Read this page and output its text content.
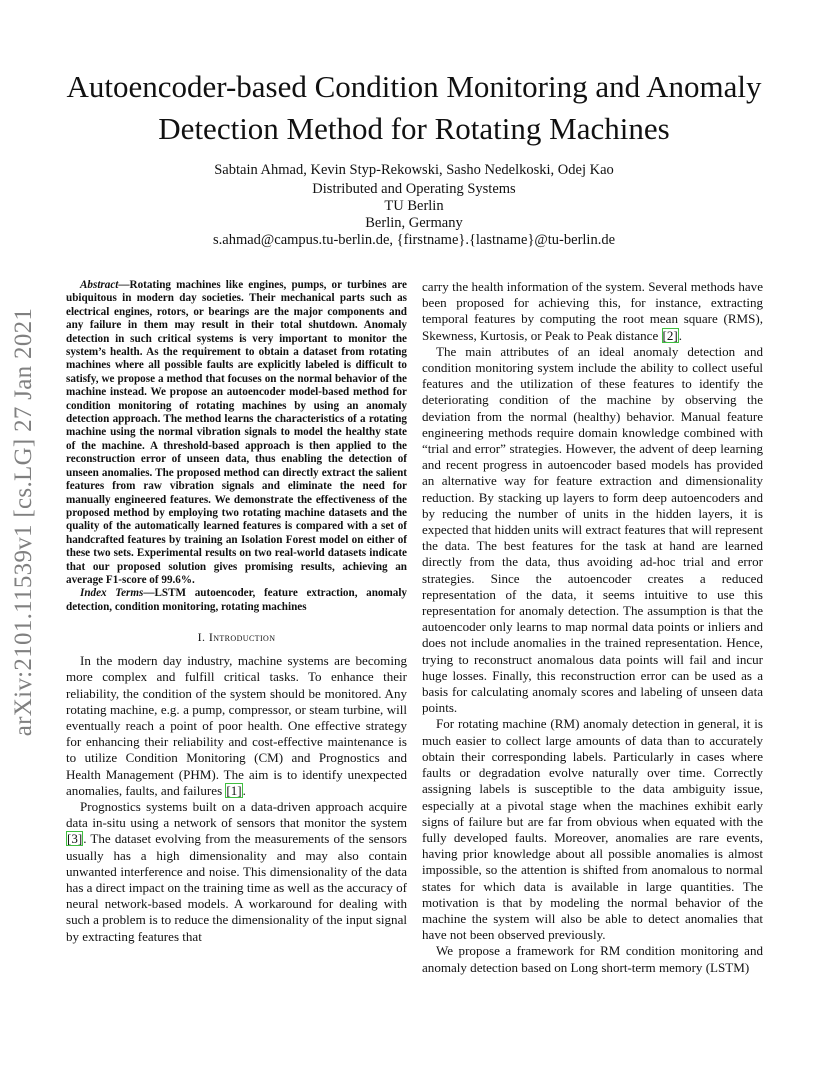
Autoencoder-based Condition Monitoring and Anomaly Detection Method for Rotating Machines
Sabtain Ahmad, Kevin Styp-Rekowski, Sasho Nedelkoski, Odej Kao
Distributed and Operating Systems
TU Berlin
Berlin, Germany
s.ahmad@campus.tu-berlin.de, {firstname}.{lastname}@tu-berlin.de
arXiv:2101.11539v1 [cs.LG] 27 Jan 2021

Abstract—Rotating machines like engines, pumps, or turbines are ubiquitous in modern day societies. Their mechanical parts such as electrical engines, rotors, or bearings are the major components and any failure in them may result in their total shutdown. Anomaly detection in such critical systems is very important to monitor the system’s health. As the requirement to obtain a dataset from rotating machines where all possible faults are explicitly labeled is difficult to satisfy, we propose a method that focuses on the normal behavior of the machine instead. We propose an autoencoder model-based method for condition monitoring of rotating machines by using an anomaly detection approach. The method learns the characteristics of a rotating machine using the normal vibration signals to model the healthy state of the machine. A threshold-based approach is then applied to the reconstruction error of unseen data, thus enabling the detection of unseen anomalies. The proposed method can directly extract the salient features from raw vibration signals and eliminate the need for manually engineered features. We demonstrate the effectiveness of the proposed method by employing two rotating machine datasets and the quality of the automatically learned features is compared with a set of handcrafted features by training an Isolation Forest model on either of these two sets. Experimental results on two real-world datasets indicate that our proposed solution gives promising results, achieving an average F1-score of 99.6%.

Index Terms—LSTM autoencoder, feature extraction, anomaly detection, condition monitoring, rotating machines

I. Introduction

In the modern day industry, machine systems are becoming more complex and fulfill critical tasks. To enhance their reliability, the condition of the system should be monitored. Any rotating machine, e.g. a pump, compressor, or steam turbine, will eventually reach a point of poor health. One effective strategy for enhancing their reliability and cost-effective maintenance is to utilize Condition Monitoring (CM) and Prognostics and Health Management (PHM). The aim is to identify unexpected anomalies, faults, and failures [1].

Prognostics systems built on a data-driven approach acquire data in-situ using a network of sensors that monitor the system [3]. The dataset evolving from the measurements of the sensors usually has a high dimensionality and may also contain unwanted interference and noise. This dimensionality of the data has a direct impact on the training time as well as the accuracy of neural network-based models. A workaround for dealing with such a problem is to reduce the dimensionality of the input signal by extracting features that

carry the health information of the system. Several methods have been proposed for achieving this, for instance, extracting temporal features by computing the root mean square (RMS), Skewness, Kurtosis, or Peak to Peak distance [2].

The main attributes of an ideal anomaly detection and condition monitoring system include the ability to collect useful features and the utilization of these features to identify the deteriorating condition of the machine by observing the deviation from the normal (healthy) behavior. Manual feature engineering methods require domain knowledge combined with “trial and error” strategies. However, the advent of deep learning and recent progress in autoencoder based models has provided an alternative way for feature extraction and dimensionality reduction. By stacking up layers to form deep autoencoders and by reducing the number of units in the hidden layers, it is expected that hidden units will extract features that will represent the data. The best features for the task at hand are learned directly from the data, thus avoiding ad-hoc trial and error strategies. Since the autoencoder creates a reduced representation of the data, it seems intuitive to use this representation for anomaly detection. The assumption is that the autoencoder only learns to map normal data points or inliers and does not include anomalies in the trained representation. Hence, trying to reconstruct anomalous data points will fail and incur huge losses. Finally, this reconstruction error can be used as a basis for calculating anomaly scores and labeling of unseen data points.

For rotating machine (RM) anomaly detection in general, it is much easier to collect large amounts of data than to accurately obtain their corresponding labels. Particularly in cases where faults or degradation evolve naturally over time. Correctly assigning labels is susceptible to the data ambiguity issue, especially at a pivotal stage when the machines exhibit early signs of failure but are far from obvious when equated with the fully developed faults. Moreover, anomalies are rare events, having prior knowledge about all possible anomalies is almost impossible, so the attention is shifted from anomalous to normal states for which data is available in large quantities. The motivation is that by modeling the normal behavior of the machine the system will also be able to detect anomalies that have not been observed previously.

We propose a framework for RM condition monitoring and anomaly detection based on Long short-term memory (LSTM)
